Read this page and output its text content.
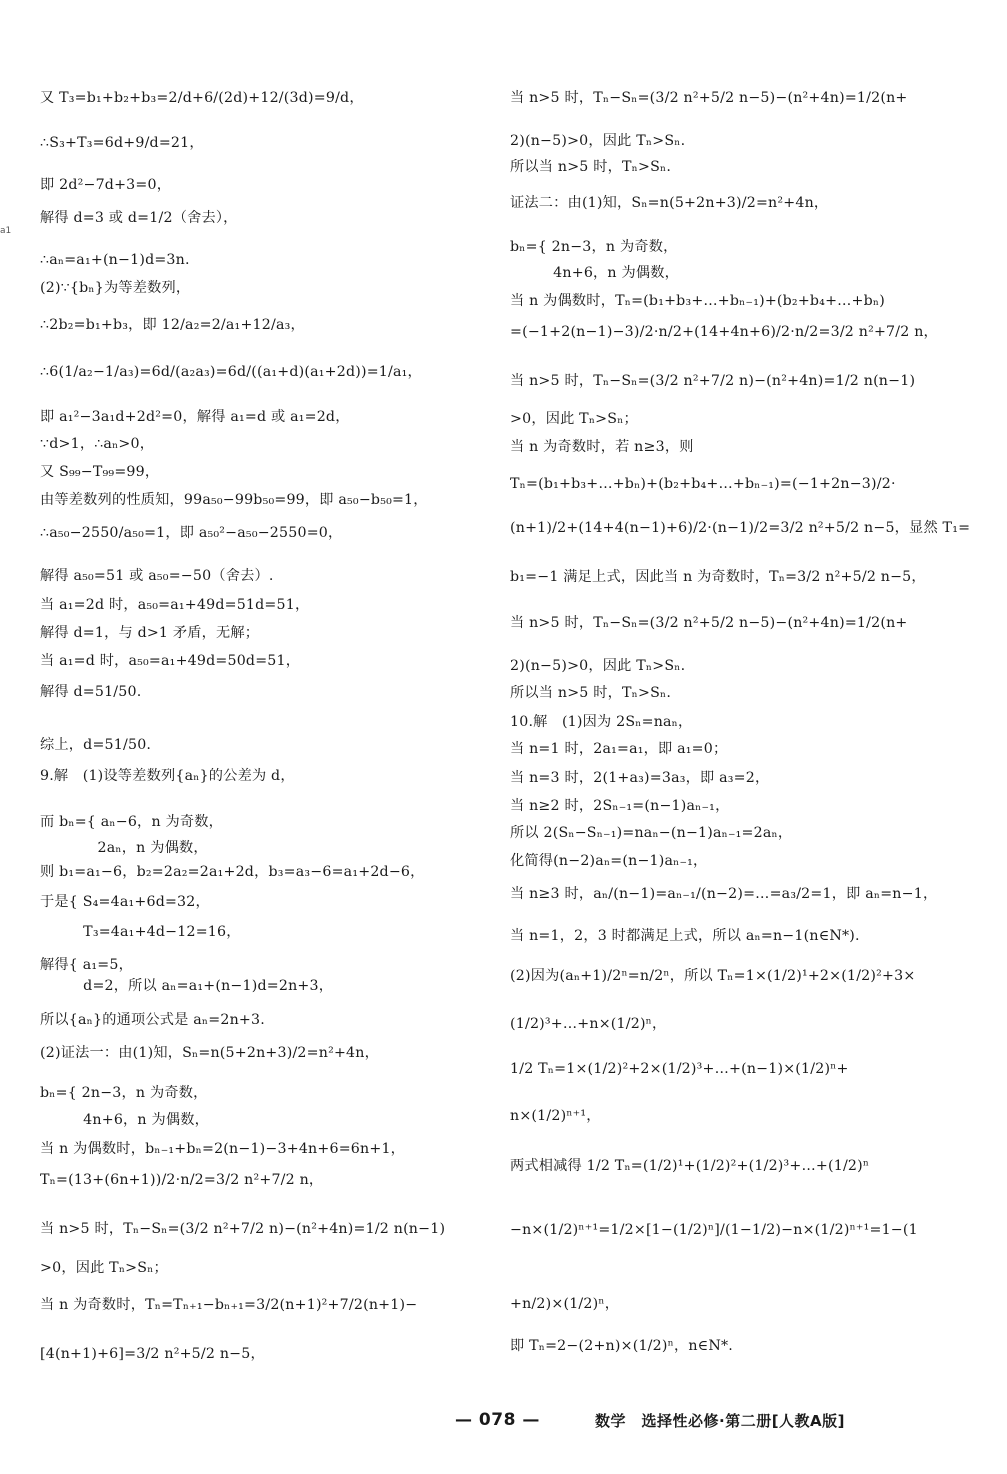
a1
又 T₃=b₁+b₂+b₃=2/d+6/(2d)+12/(3d)=9/d，
∴S₃+T₃=6d+9/d=21，
即 2d²−7d+3=0，
解得 d=3 或 d=1/2（舍去），
∴aₙ=a₁+(n−1)d=3n.
(2)∵{bₙ}为等差数列，
∴2b₂=b₁+b₃，即 12/a₂=2/a₁+12/a₃，
∴6(1/a₂−1/a₃)=6d/(a₂a₃)=6d/((a₁+d)(a₁+2d))=1/a₁，
即 a₁²−3a₁d+2d²=0，解得 a₁=d 或 a₁=2d，
∵d>1，∴aₙ>0，
又 S₉₉−T₉₉=99，
由等差数列的性质知，99a₅₀−99b₅₀=99，即 a₅₀−b₅₀=1，
∴a₅₀−2550/a₅₀=1，即 a₅₀²−a₅₀−2550=0，
解得 a₅₀=51 或 a₅₀=−50（舍去）.
当 a₁=2d 时，a₅₀=a₁+49d=51d=51，
解得 d=1，与 d>1 矛盾，无解；
当 a₁=d 时，a₅₀=a₁+49d=50d=51，
解得 d=51/50.
综上，d=51/50.
9.解　(1)设等差数列{aₙ}的公差为 d，
而 bₙ={ aₙ−6，n 为奇数，
　　　　2aₙ，n 为偶数，
则 b₁=a₁−6，b₂=2a₂=2a₁+2d，b₃=a₃−6=a₁+2d−6，
于是{ S₄=4a₁+6d=32，
　　　T₃=4a₁+4d−12=16，
解得{ a₁=5，
　　　d=2，所以 aₙ=a₁+(n−1)d=2n+3，
所以{aₙ}的通项公式是 aₙ=2n+3.
(2)证法一：由(1)知，Sₙ=n(5+2n+3)/2=n²+4n，
bₙ={ 2n−3，n 为奇数，
　　　4n+6，n 为偶数，
当 n 为偶数时，bₙ₋₁+bₙ=2(n−1)−3+4n+6=6n+1，
Tₙ=(13+(6n+1))/2·n/2=3/2 n²+7/2 n，
当 n>5 时，Tₙ−Sₙ=(3/2 n²+7/2 n)−(n²+4n)=1/2 n(n−1)
>0，因此 Tₙ>Sₙ；
当 n 为奇数时，Tₙ=Tₙ₊₁−bₙ₊₁=3/2(n+1)²+7/2(n+1)−
[4(n+1)+6]=3/2 n²+5/2 n−5，
当 n>5 时，Tₙ−Sₙ=(3/2 n²+5/2 n−5)−(n²+4n)=1/2(n+
2)(n−5)>0，因此 Tₙ>Sₙ.
所以当 n>5 时，Tₙ>Sₙ.
证法二：由(1)知，Sₙ=n(5+2n+3)/2=n²+4n，
bₙ={ 2n−3，n 为奇数，
　　　4n+6，n 为偶数，
当 n 为偶数时，Tₙ=(b₁+b₃+…+bₙ₋₁)+(b₂+b₄+…+bₙ)
=(−1+2(n−1)−3)/2·n/2+(14+4n+6)/2·n/2=3/2 n²+7/2 n，
当 n>5 时，Tₙ−Sₙ=(3/2 n²+7/2 n)−(n²+4n)=1/2 n(n−1)
>0，因此 Tₙ>Sₙ；
当 n 为奇数时，若 n≥3，则
Tₙ=(b₁+b₃+…+bₙ)+(b₂+b₄+…+bₙ₋₁)=(−1+2n−3)/2·
(n+1)/2+(14+4(n−1)+6)/2·(n−1)/2=3/2 n²+5/2 n−5，显然 T₁=
b₁=−1 满足上式，因此当 n 为奇数时，Tₙ=3/2 n²+5/2 n−5，
当 n>5 时，Tₙ−Sₙ=(3/2 n²+5/2 n−5)−(n²+4n)=1/2(n+
2)(n−5)>0，因此 Tₙ>Sₙ.
所以当 n>5 时，Tₙ>Sₙ.
10.解　(1)因为 2Sₙ=naₙ，
当 n=1 时，2a₁=a₁，即 a₁=0；
当 n=3 时，2(1+a₃)=3a₃，即 a₃=2，
当 n≥2 时，2Sₙ₋₁=(n−1)aₙ₋₁，
所以 2(Sₙ−Sₙ₋₁)=naₙ−(n−1)aₙ₋₁=2aₙ，
化简得(n−2)aₙ=(n−1)aₙ₋₁，
当 n≥3 时，aₙ/(n−1)=aₙ₋₁/(n−2)=…=a₃/2=1，即 aₙ=n−1，
当 n=1，2，3 时都满足上式，所以 aₙ=n−1(n∈N*).
(2)因为(aₙ+1)/2ⁿ=n/2ⁿ，所以 Tₙ=1×(1/2)¹+2×(1/2)²+3×
(1/2)³+…+n×(1/2)ⁿ，
1/2 Tₙ=1×(1/2)²+2×(1/2)³+…+(n−1)×(1/2)ⁿ+
n×(1/2)ⁿ⁺¹，
两式相减得 1/2 Tₙ=(1/2)¹+(1/2)²+(1/2)³+…+(1/2)ⁿ
−n×(1/2)ⁿ⁺¹=1/2×[1−(1/2)ⁿ]/(1−1/2)−n×(1/2)ⁿ⁺¹=1−(1
+n/2)×(1/2)ⁿ，
即 Tₙ=2−(2+n)×(1/2)ⁿ，n∈N*.
— 078 —	数学　选择性必修·第二册[人教A版]
